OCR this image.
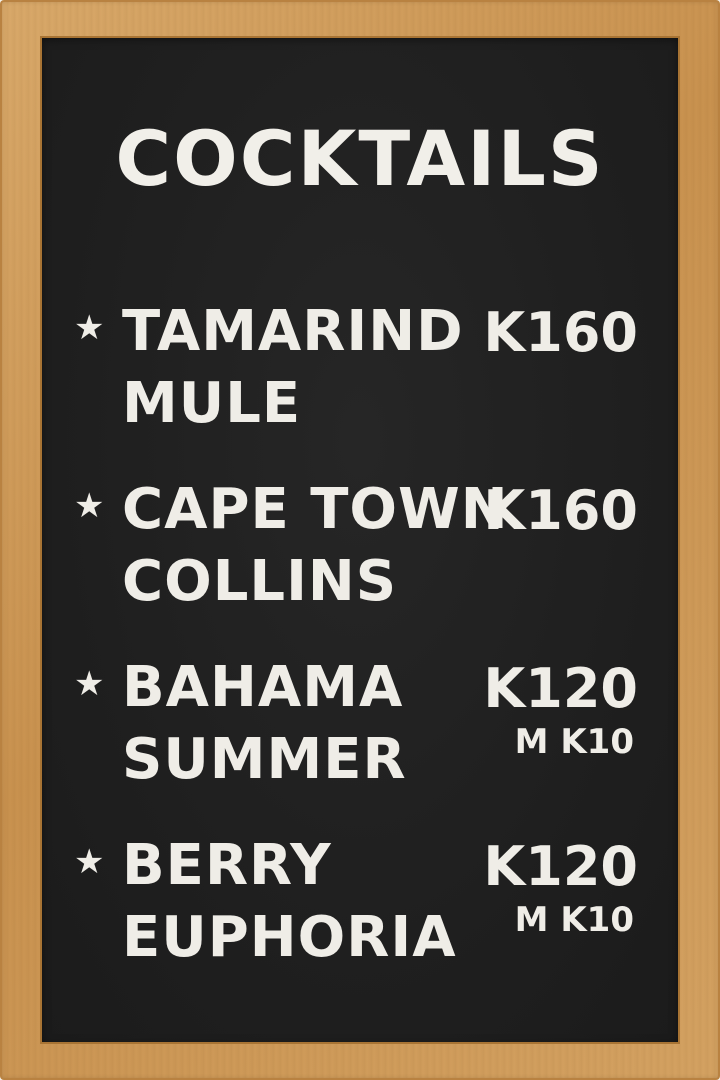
COCKTAILS
★ TAMARIND
MULE
K160
★ CAPE TOWN
COLLINS
K160
★ BAHAMA
SUMMER
K120
M K10
★ BERRY
EUPHORIA
K120
M K10
